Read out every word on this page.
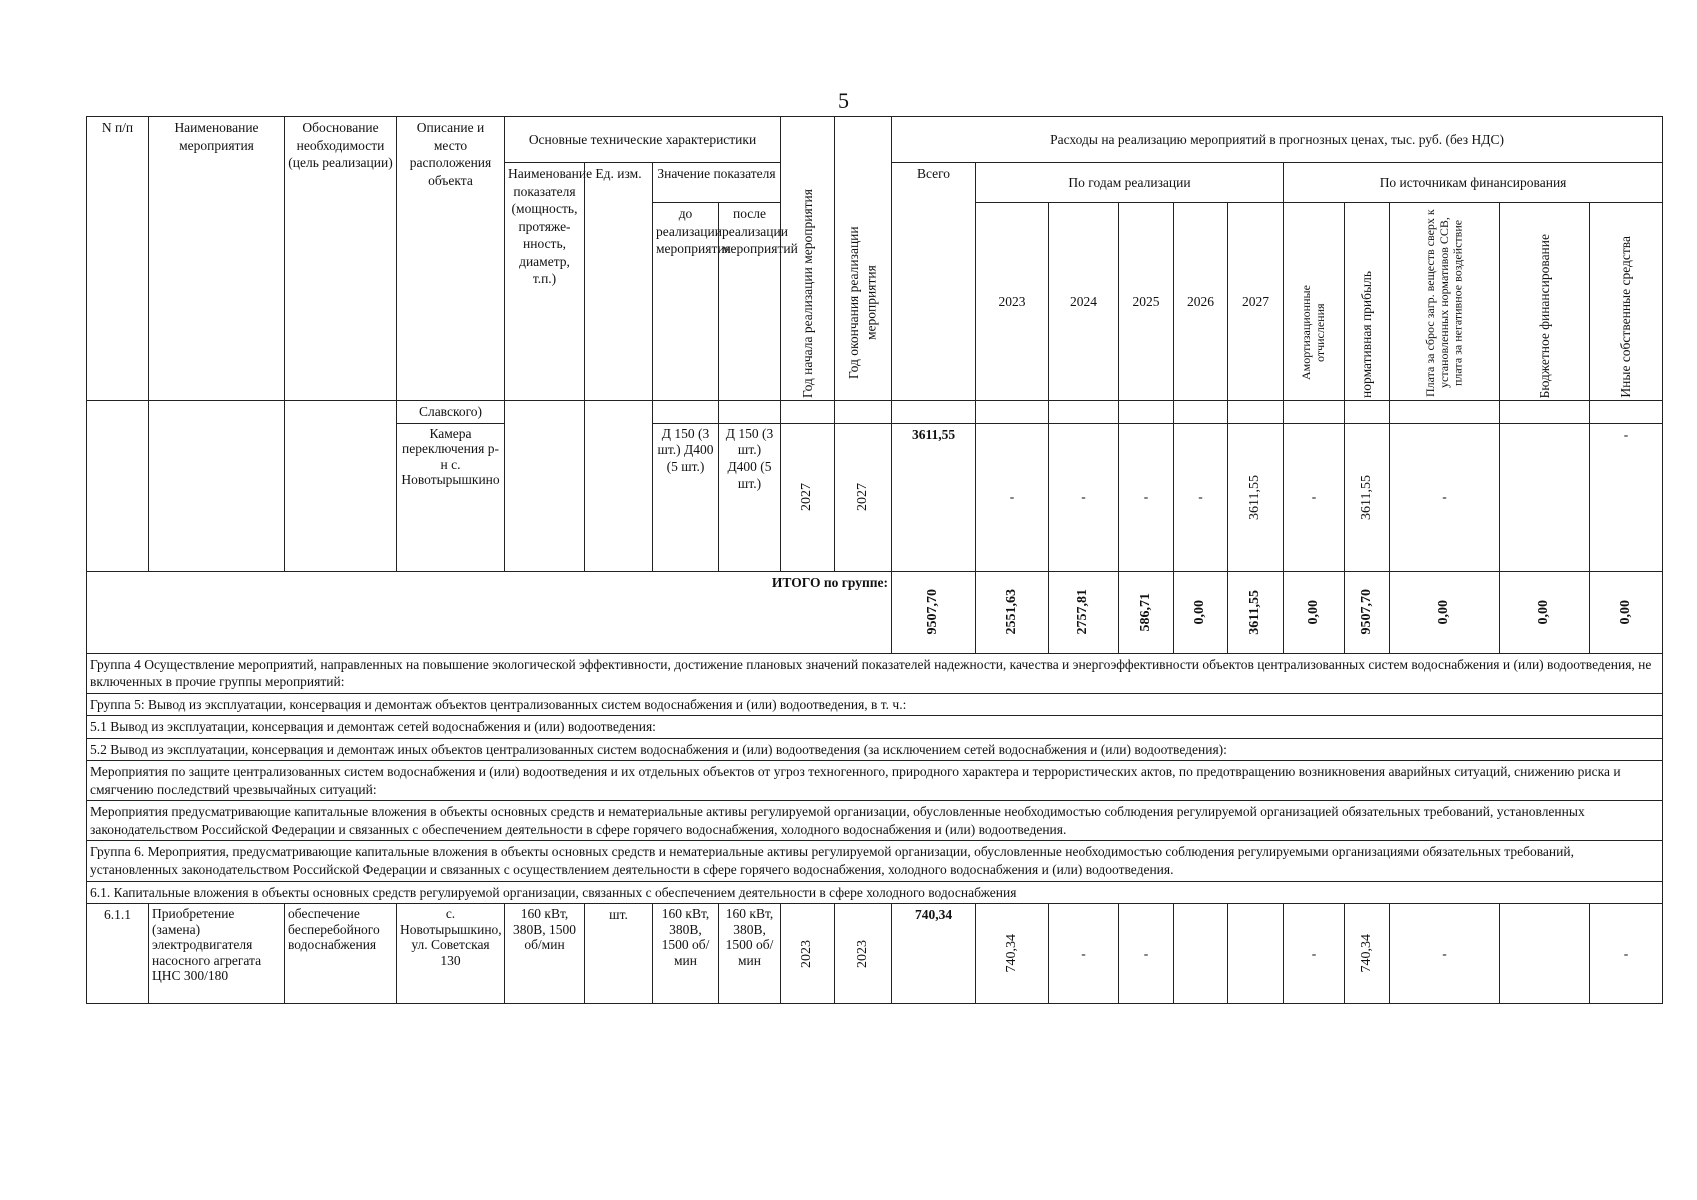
5
N п/п	Наименование мероприятия	Обоснование необходимости (цель реализации)	Описание и место расположения объекта	Основные технические характеристики				Год начала реализации мероприятия	Год окончания реализации мероприятия	Расходы на реализацию мероприятий в прогнозных ценах, тыс. руб. (без НДС)										
				Наименование показателя (мощность, протяже-нность, диаметр, т.п.)	Ед. изм.	Значение показателя				Всего	По годам реализации					По источникам финансирования				
						до реализации мероприятия	после реализации мероприятий				2023	2024	2025	2026	2027	Амортизационные отчисления	нормативная прибыль	Плата за сброс загр. веществ сверх к установленных нормативов ССВ, плата за негативное воздействие	Бюджетное финансирование	Иные собственные средства

			Славского)																	
			Камера переключения р-н с. Новотырышкино			Д 150 (3 шт.) Д400 (5 шт.)	Д 150 (3 шт.) Д400 (5 шт.)	2027	2027	3611,55	-	-	-	-	3611,55	-	3611,55	-		-
ИТОГО по группе:										9507,70	2551,63	2757,81	586,71	0,00	3611,55	0,00	9507,70	0,00	0,00	0,00

Группа 4 Осуществление мероприятий, направленных на повышение экологической эффективности, достижение плановых значений показателей надежности, качества и энергоэффективности объектов централизованных систем водоснабжения и (или) водоотведения, не включенных в прочие группы мероприятий:																				
Группа 5: Вывод из эксплуатации, консервация и демонтаж объектов централизованных систем водоснабжения и (или) водоотведения, в т. ч.:																				
5.1 Вывод из эксплуатации, консервация и демонтаж сетей водоснабжения и (или) водоотведения:																				
5.2 Вывод из эксплуатации, консервация и демонтаж иных объектов централизованных систем водоснабжения и (или) водоотведения (за исключением сетей водоснабжения и (или) водоотведения):																				
Мероприятия по защите централизованных систем водоснабжения и (или) водоотведения и их отдельных объектов от угроз техногенного, природного характера и террористических актов, по предотвращению возникновения аварийных ситуаций, снижению риска и смягчению последствий чрезвычайных ситуаций:																				
Мероприятия предусматривающие капитальные вложения в объекты основных средств и нематериальные активы регулируемой организации, обусловленные необходимостью соблюдения регулируемой организацией обязательных требований, установленных законодательством Российской Федерации и связанных с обеспечением деятельности в сфере горячего водоснабжения, холодного водоснабжения и (или) водоотведения.																				
Группа 6. Мероприятия, предусматривающие капитальные вложения в объекты основных средств и нематериальные активы регулируемой организации, обусловленные необходимостью соблюдения регулируемыми организациями обязательных требований, установленных законодательством Российской Федерации и связанных с осуществлением деятельности в сфере горячего водоснабжения, холодного водоснабжения и (или) водоотведения.																				
6.1. Капитальные вложения в объекты основных средств регулируемой организации, связанных с обеспечением деятельности в сфере холодного водоснабжения																				
6.1.1	Приобретение (замена) электродвигателя насосного агрегата ЦНС 300/180	обеспечение бесперебойного водоснабжения	с. Новотырышкино, ул. Советская 130	160 кВт, 380В, 1500 об/мин	шт.	160 кВт, 380В, 1500 об/мин	160 кВт, 380В, 1500 об/мин	2023	2023	740,34	740,34	-	-			-	740,34	-		-
